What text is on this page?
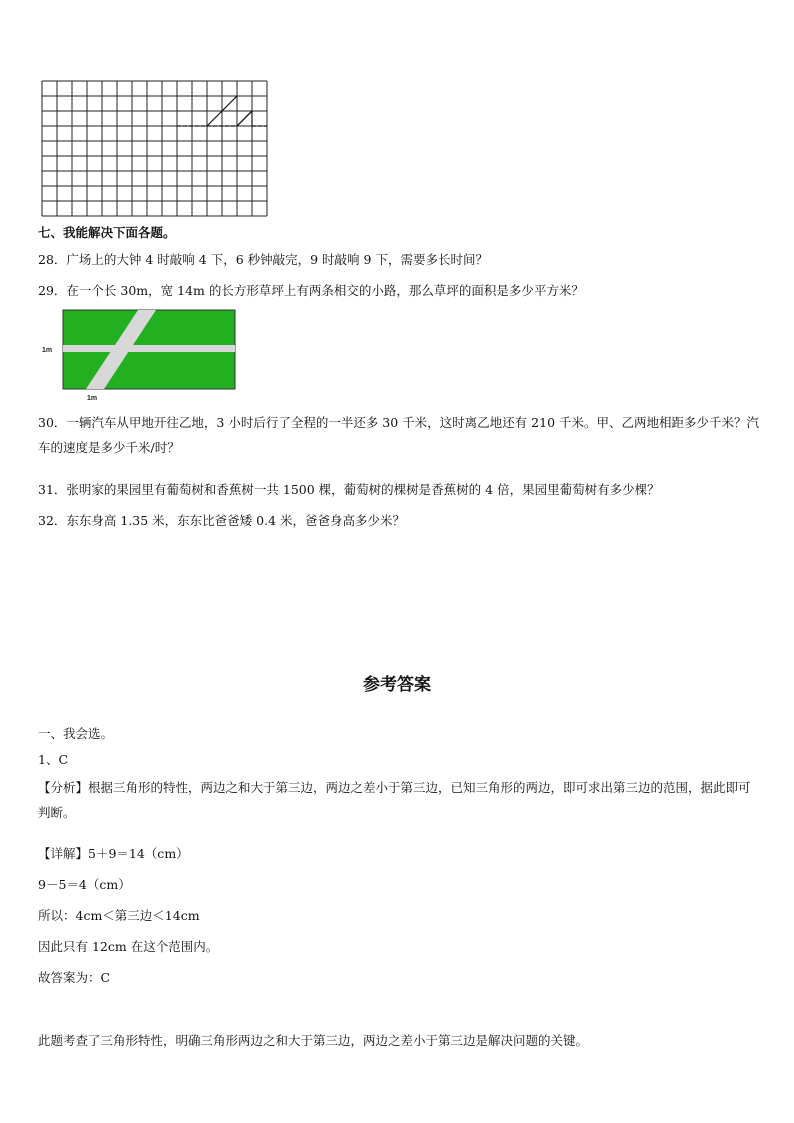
七、我能解决下面各题。
28．广场上的大钟 4 时敲响 4 下，6 秒钟敲完，9 时敲响 9 下，需要多长时间？
29．在一个长 30m，宽 14m 的长方形草坪上有两条相交的小路，那么草坪的面积是多少平方米？
1m
1m
30．一辆汽车从甲地开往乙地，3 小时后行了全程的一半还多 30 千米，这时离乙地还有 210 千米。甲、乙两地相距多少千米？汽车的速度是多少千米/时？
31．张明家的果园里有葡萄树和香蕉树一共 1500 棵，葡萄树的棵树是香蕉树的 4 倍，果园里葡萄树有多少棵？
32．东东身高 1.35 米，东东比爸爸矮 0.4 米，爸爸身高多少米？
参考答案
一、我会选。
1、C
【分析】根据三角形的特性，两边之和大于第三边，两边之差小于第三边，已知三角形的两边，即可求出第三边的范围，据此即可判断。
【详解】5＋9＝14（cm）
9－5＝4（cm）
所以：4cm＜第三边＜14cm
因此只有 12cm 在这个范围内。
故答案为：C
此题考查了三角形特性，明确三角形两边之和大于第三边，两边之差小于第三边是解决问题的关键。
